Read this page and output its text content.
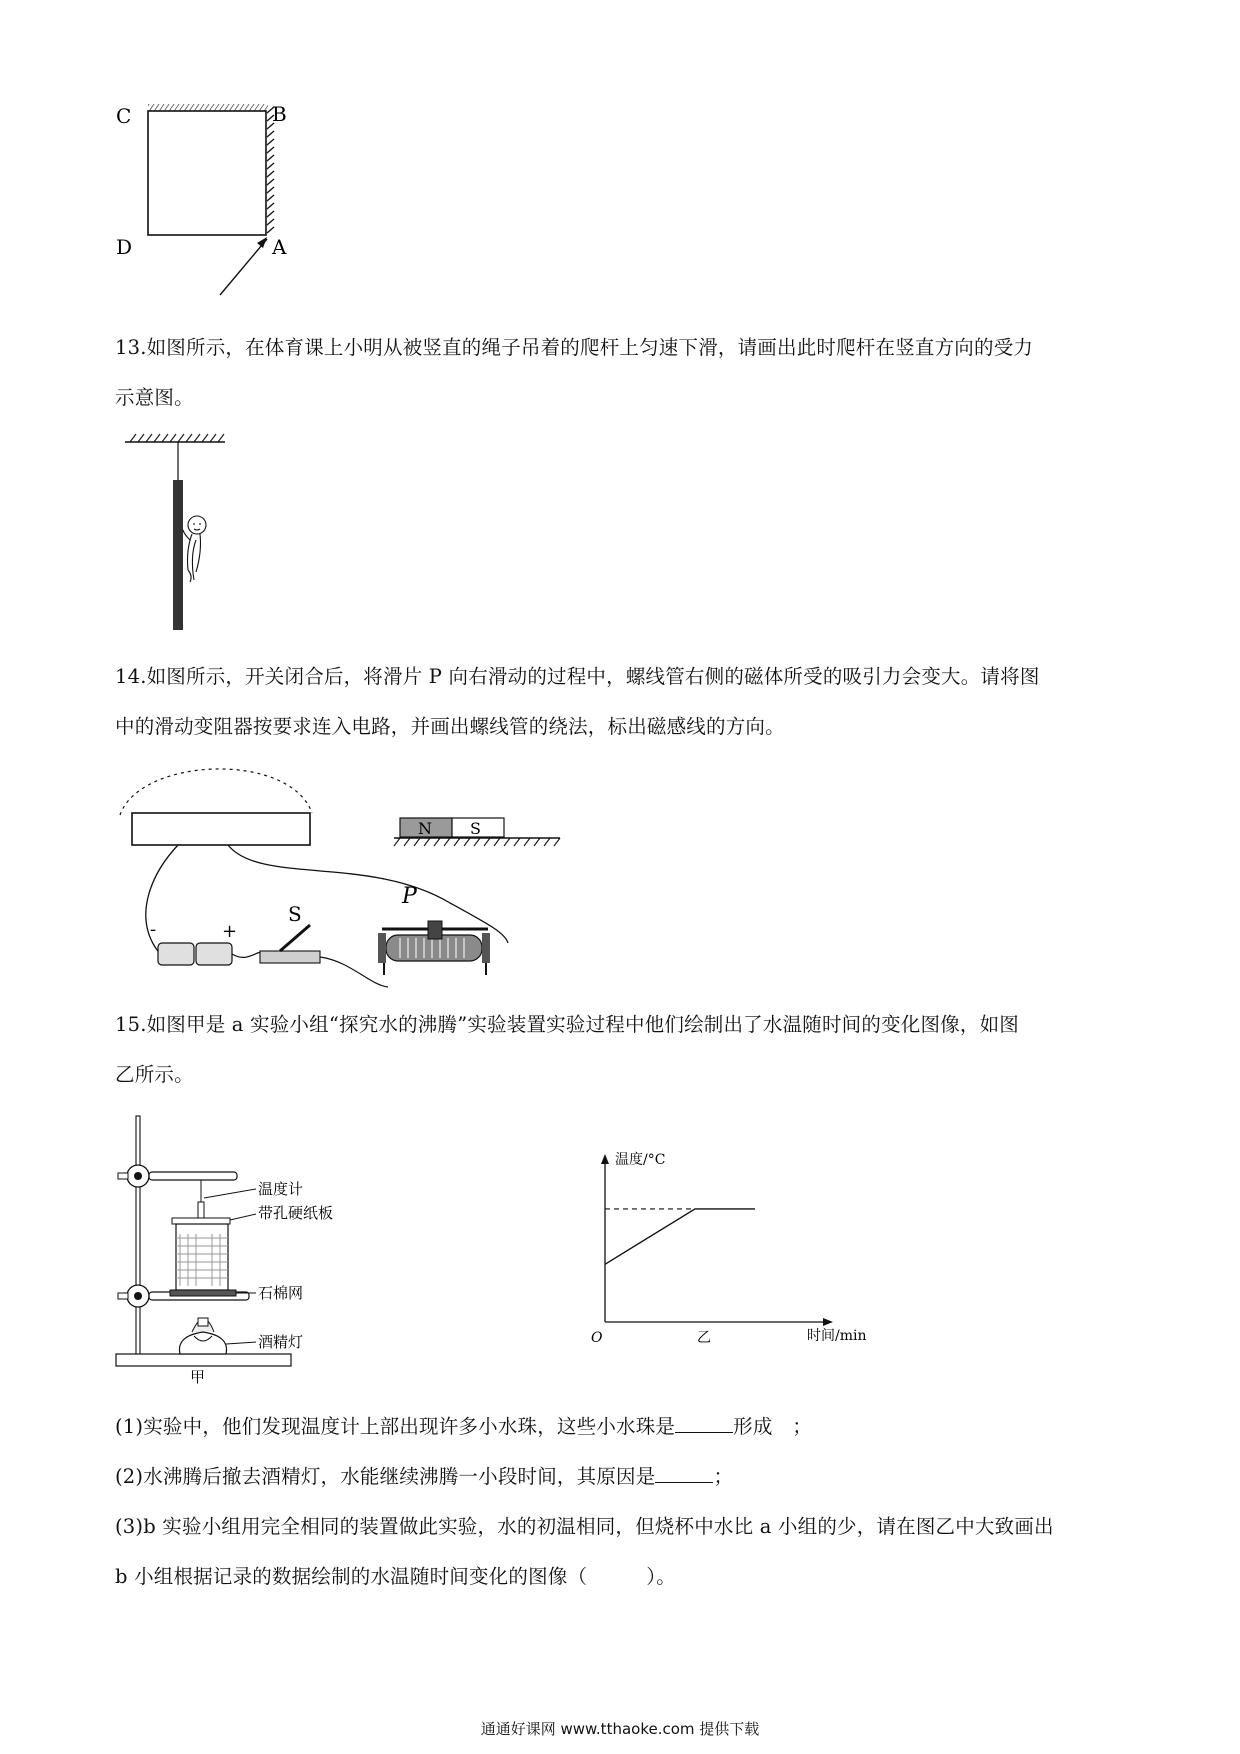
C	B
D	A
13.如图所示，在体育课上小明从被竖直的绳子吊着的爬杆上匀速下滑，请画出此时爬杆在竖直方向的受力
示意图。
14.如图所示，开关闭合后，将滑片 P 向右滑动的过程中，螺线管右侧的磁体所受的吸引力会变大。请将图
中的滑动变阻器按要求连入电路，并画出螺线管的绕法，标出磁感线的方向。
N S
-	+
S
P
15.如图甲是 a 实验小组“探究水的沸腾”实验装置实验过程中他们绘制出了水温随时间的变化图像，如图
乙所示。
温度计
带孔硬纸板
石棉网
酒精灯
甲
温度/°C
时间/min
O	乙
(1)实验中，他们发现温度计上部出现许多小水珠，这些小水珠是	形成　；
(2)水沸腾后撤去酒精灯，水能继续沸腾一小段时间，其原因是	；
(3)b 实验小组用完全相同的装置做此实验，水的初温相同，但烧杯中水比 a 小组的少，请在图乙中大致画出
b 小组根据记录的数据绘制的水温随时间变化的图像（　　　）。
通通好课网 www.tthaoke.com 提供下载
